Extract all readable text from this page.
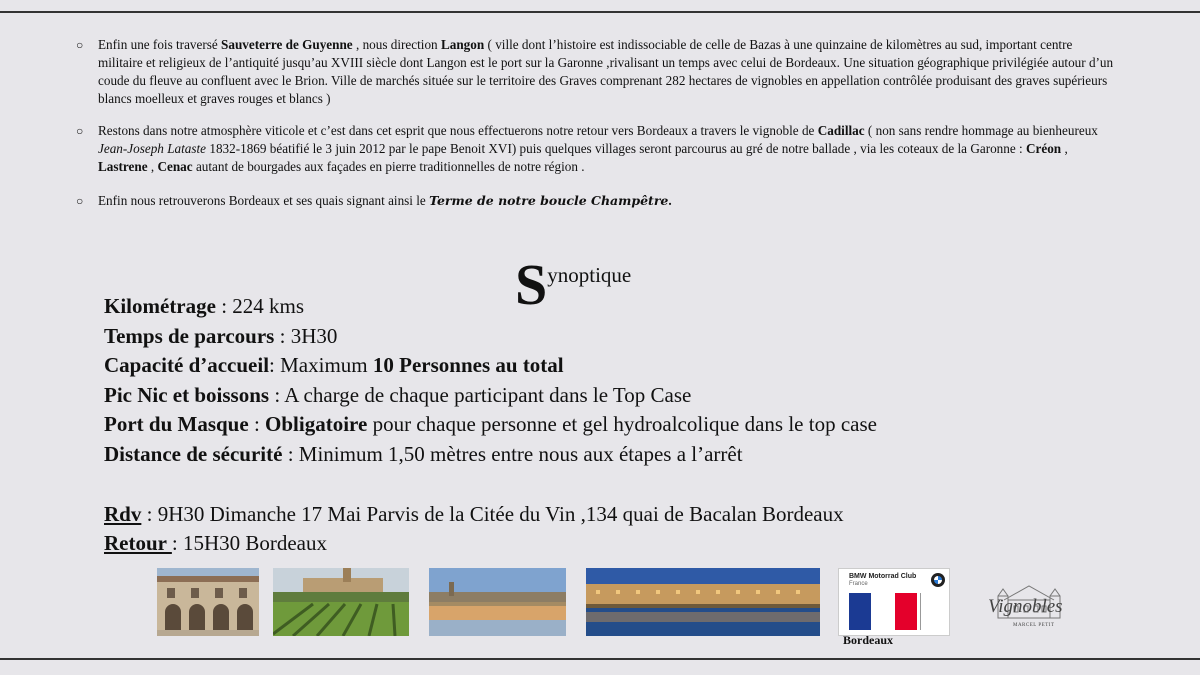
○	Enfin une fois traversé Sauveterre de Guyenne , nous direction Langon ( ville dont l’histoire est indissociable de celle de Bazas à une quinzaine de kilomètres au sud, important centre militaire et religieux de l’antiquité jusqu’au XVIII siècle dont Langon est le port sur la Garonne ,rivalisant un temps avec celui de Bordeaux. Une situation géographique privilégiée autour d’un coude du fleuve au confluent avec le Brion. Ville de marchés située sur le territoire des Graves comprenant 282 hectares de vignobles en appellation contrôlée produisant des graves supérieurs blancs moelleux et graves rouges et blancs )
○	Restons dans notre atmosphère viticole et c’est dans cet esprit que nous effectuerons notre retour vers Bordeaux a travers le vignoble de Cadillac ( non sans rendre hommage au bienheureux Jean-Joseph Lataste 1832-1869 béatifié le 3 juin 2012 par le pape Benoit XVI) puis quelques villages seront parcourus au gré de notre ballade , via les coteaux de la Garonne : Créon , Lastrene , Cenac autant de bourgades aux façades en pierre traditionnelles de notre région .
○	Enfin nous retrouverons Bordeaux et ses quais signant ainsi le Terme de notre boucle Champêtre.
Synoptique
Kilométrage : 224 kms
Temps de parcours : 3H30
Capacité d’accueil: Maximum 10 Personnes au total
Pic Nic et boissons : A charge de chaque participant dans le Top Case
Port du Masque : Obligatoire pour chaque personne et gel hydroalcolique dans le top case
Distance de sécurité : Minimum 1,50 mètres entre nous aux étapes a l’arrêt
Rdv : 9H30 Dimanche 17 Mai Parvis de la Citée du Vin ,134 quai de Bacalan Bordeaux
Retour : 15H30 Bordeaux
BMW Motorrad Club
France
Bordeaux
Vignobles
MARCEL PETIT
